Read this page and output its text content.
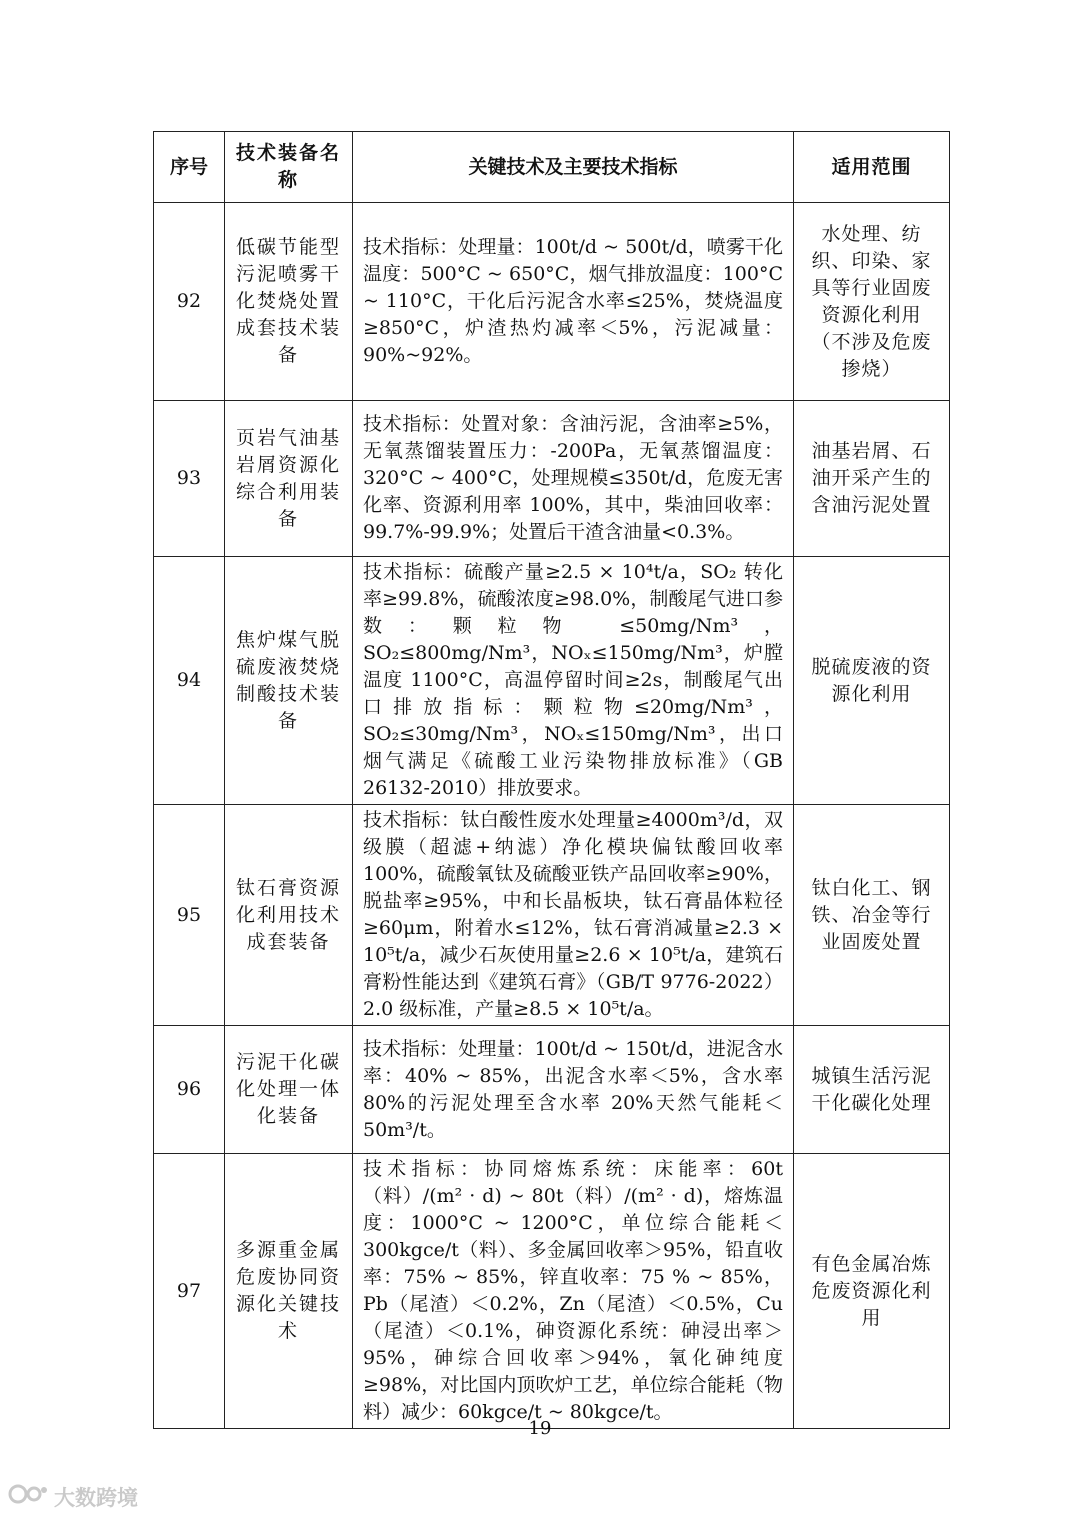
序号	技术装备名称	关键技术及主要技术指标	适用范围
92	低碳节能型污泥喷雾干化焚烧处置成套技术装备	技术指标：处理量：100t/d ~ 500t/d，喷雾干化温度：500°C ~ 650°C，烟气排放温度：100°C ~ 110°C，干化后污泥含水率≤25%，焚烧温度≥850°C，炉渣热灼减率＜5%，污泥减量：90%~92%。	水处理、纺织、印染、家具等行业固废资源化利用（不涉及危废掺烧）
93	页岩气油基岩屑资源化综合利用装备	技术指标：处置对象：含油污泥，含油率≥5%，无氧蒸馏装置压力：-200Pa，无氧蒸馏温度：320°C ~ 400°C，处理规模≤350t/d，危废无害化率、资源利用率 100%，其中，柴油回收率：99.7%-99.9%；处置后干渣含油量<0.3%。	油基岩屑、石油开采产生的含油污泥处置
94	焦炉煤气脱硫废液焚烧制酸技术装备	技术指标：硫酸产量≥2.5 × 10⁴t/a，SO₂ 转化率≥99.8%，硫酸浓度≥98.0%，制酸尾气进口参数：颗粒物 ≤50mg/Nm³，SO₂≤800mg/Nm³，NOₓ≤150mg/Nm³，炉膛温度 1100°C，高温停留时间≥2s，制酸尾气出口排放指标：颗粒物≤20mg/Nm³，SO₂≤30mg/Nm³，NOₓ≤150mg/Nm³，出口烟气满足《硫酸工业污染物排放标准》（GB 26132-2010）排放要求。	脱硫废液的资源化利用
95	钛石膏资源化利用技术成套装备	技术指标：钛白酸性废水处理量≥4000m³/d，双级膜（超滤+纳滤）净化模块偏钛酸回收率 100%，硫酸氧钛及硫酸亚铁产品回收率≥90%，脱盐率≥95%，中和长晶板块，钛石膏晶体粒径≥60μm，附着水≤12%，钛石膏消减量≥2.3 × 10⁵t/a，减少石灰使用量≥2.6 × 10⁵t/a，建筑石膏粉性能达到《建筑石膏》（GB/T 9776-2022）2.0 级标准，产量≥8.5 × 10⁵t/a。	钛白化工、钢铁、冶金等行业固废处置
96	污泥干化碳化处理一体化装备	技术指标：处理量：100t/d ~ 150t/d，进泥含水率：40% ~ 85%，出泥含水率＜5%，含水率 80%的污泥处理至含水率 20%天然气能耗＜50m³/t。	城镇生活污泥干化碳化处理
97	多源重金属危废协同资源化关键技术	技术指标：协同熔炼系统：床能率：60t（料）/(m² · d) ~ 80t（料）/(m² · d)，熔炼温度：1000°C ~ 1200°C，单位综合能耗＜300kgce/t（料）、多金属回收率＞95%，铅直收率：75% ~ 85%，锌直收率：75 % ~ 85%，Pb（尾渣）＜0.2%，Zn（尾渣）＜0.5%，Cu（尾渣）＜0.1%，砷资源化系统：砷浸出率＞95%，砷综合回收率＞94%，氧化砷纯度≥98%，对比国内顶吹炉工艺，单位综合能耗（物料）减少：60kgce/t ~ 80kgce/t。	有色金属冶炼危废资源化利用
19
大数跨境
